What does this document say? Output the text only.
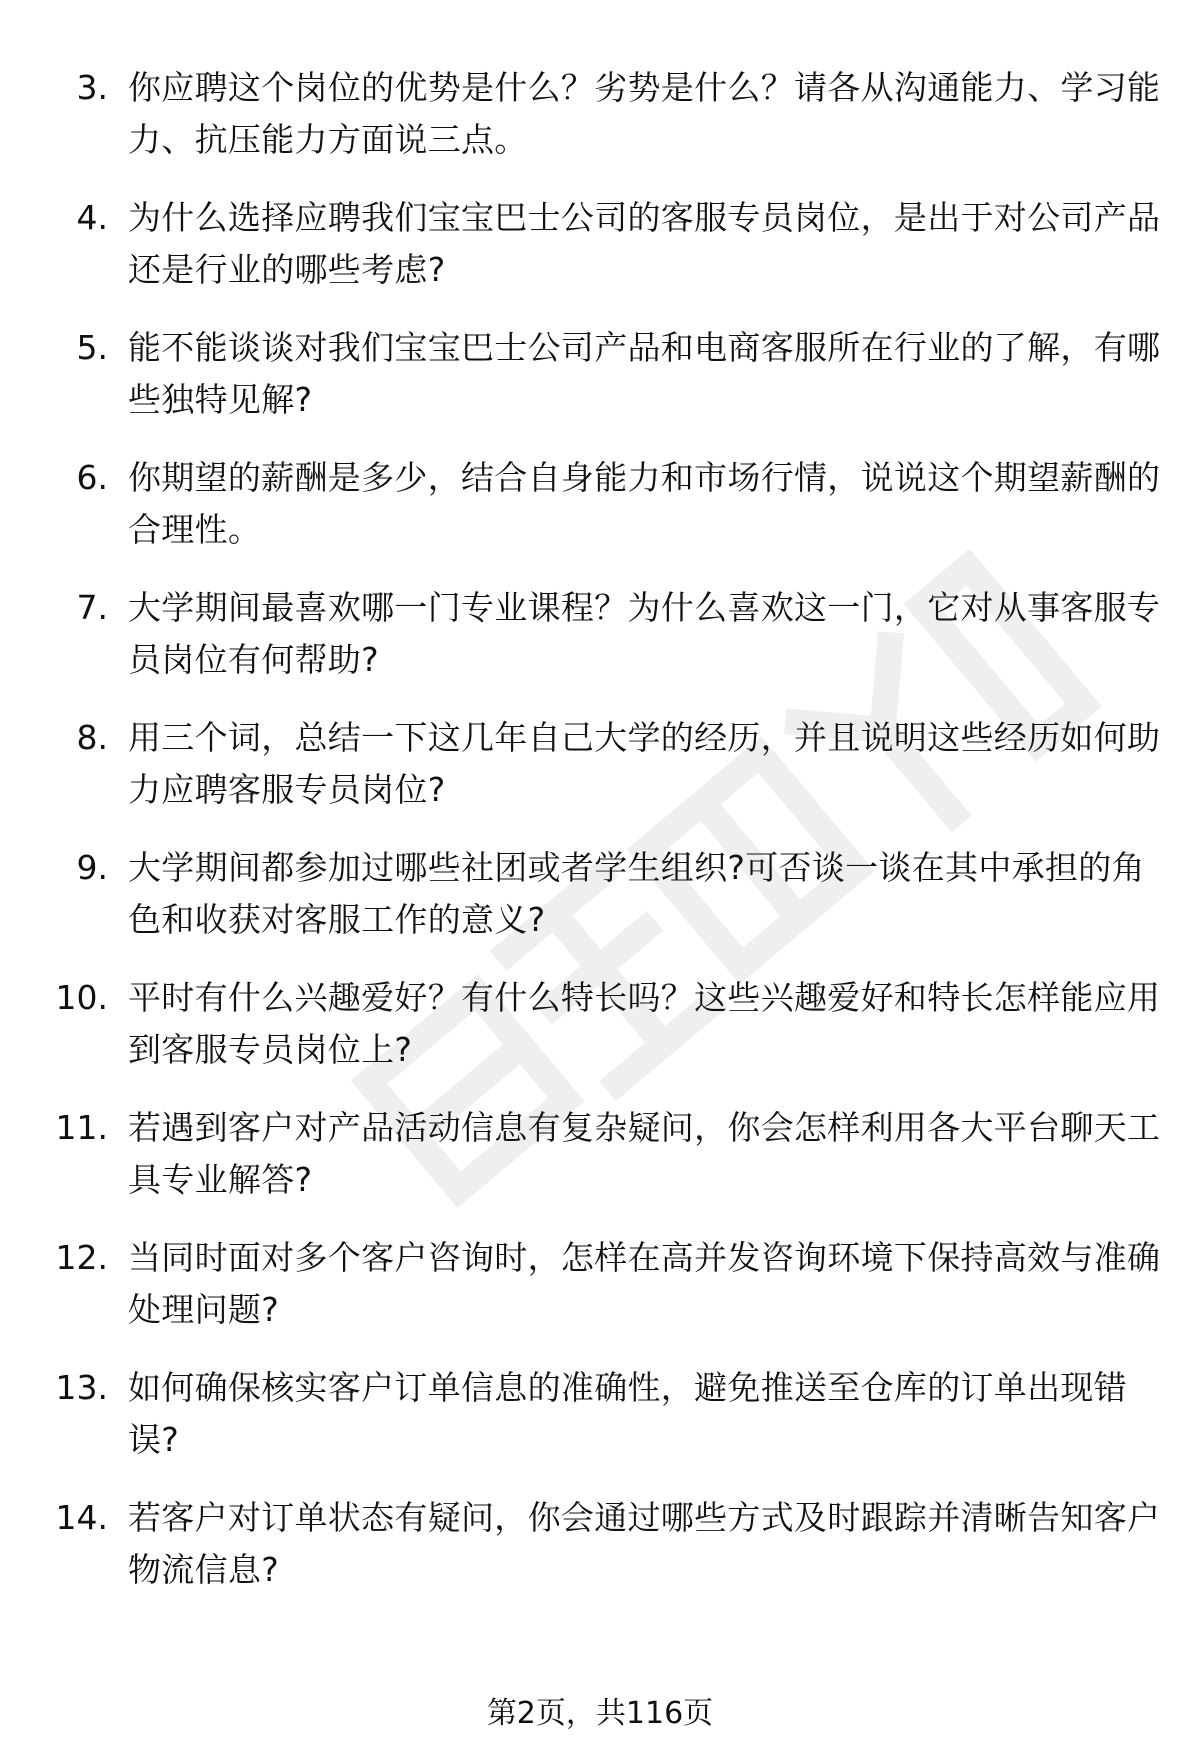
3. 你应聘这个岗位的优势是什么？劣势是什么？请各从沟通能力、学习能力、抗压能力方面说三点。
4. 为什么选择应聘我们宝宝巴士公司的客服专员岗位，是出于对公司产品还是行业的哪些考虑?
5. 能不能谈谈对我们宝宝巴士公司产品和电商客服所在行业的了解，有哪些独特见解?
6. 你期望的薪酬是多少，结合自身能力和市场行情，说说这个期望薪酬的合理性。
7. 大学期间最喜欢哪一门专业课程？为什么喜欢这一门，它对从事客服专员岗位有何帮助?
8. 用三个词，总结一下这几年自己大学的经历，并且说明这些经历如何助力应聘客服专员岗位?
9. 大学期间都参加过哪些社团或者学生组织?可否谈一谈在其中承担的角色和收获对客服工作的意义?
10. 平时有什么兴趣爱好？有什么特长吗？这些兴趣爱好和特长怎样能应用到客服专员岗位上?
11. 若遇到客户对产品活动信息有复杂疑问，你会怎样利用各大平台聊天工具专业解答?
12. 当同时面对多个客户咨询时，怎样在高并发咨询环境下保持高效与准确处理问题?
13. 如何确保核实客户订单信息的准确性，避免推送至仓库的订单出现错误?
14. 若客户对订单状态有疑问，你会通过哪些方式及时跟踪并清晰告知客户物流信息?
第2页，共116页
